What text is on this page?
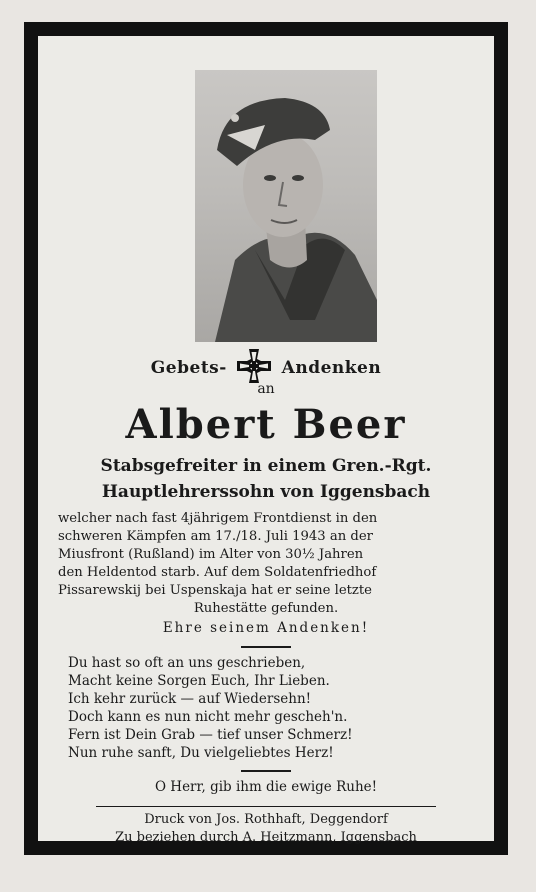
Gebets-	Andenken
an
Albert Beer
Stabsgefreiter in einem Gren.-Rgt.
Hauptlehrerssohn von Iggensbach
welcher nach fast 4jährigem Frontdienst in den
schweren Kämpfen am 17./18. Juli 1943 an der
Miusfront (Rußland) im Alter von 30½ Jahren
den Heldentod starb. Auf dem Soldatenfriedhof
Pissarewskij bei Uspenskaja hat er seine letzte
Ruhestätte gefunden.
Ehre seinem Andenken!
Du hast so oft an uns geschrieben,
Macht keine Sorgen Euch, Ihr Lieben.
Ich kehr zurück — auf Wiedersehn!
Doch kann es nun nicht mehr gescheh'n.
Fern ist Dein Grab — tief unser Schmerz!
Nun ruhe sanft, Du vielgeliebtes Herz!
O Herr, gib ihm die ewige Ruhe!
Druck von Jos. Rothhaft, Deggendorf
Zu beziehen durch A. Heitzmann, Iggensbach
